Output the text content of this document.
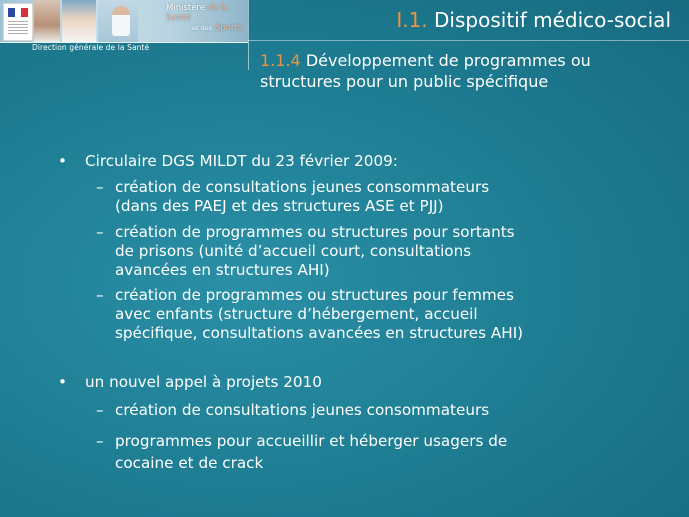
Ministère de la Santé
et des Sports
Direction générale de la Santé
I.1. Dispositif médico-social
1.1.4 Développement de programmes ou
structures pour un public spécifique
• Circulaire DGS MILDT du 23 février 2009:

– création de consultations jeunes consommateurs

(dans des PAEJ et des structures ASE et PJJ)

– création de programmes ou structures pour sortants

de prisons (unité d’accueil court, consultations

avancées en structures AHI)

– création de programmes ou structures pour femmes

avec enfants (structure d’hébergement, accueil

spécifique, consultations avancées en structures AHI)

• un nouvel appel à projets 2010

– création de consultations jeunes consommateurs

– programmes pour accueillir et héberger usagers de

cocaine et de crack
